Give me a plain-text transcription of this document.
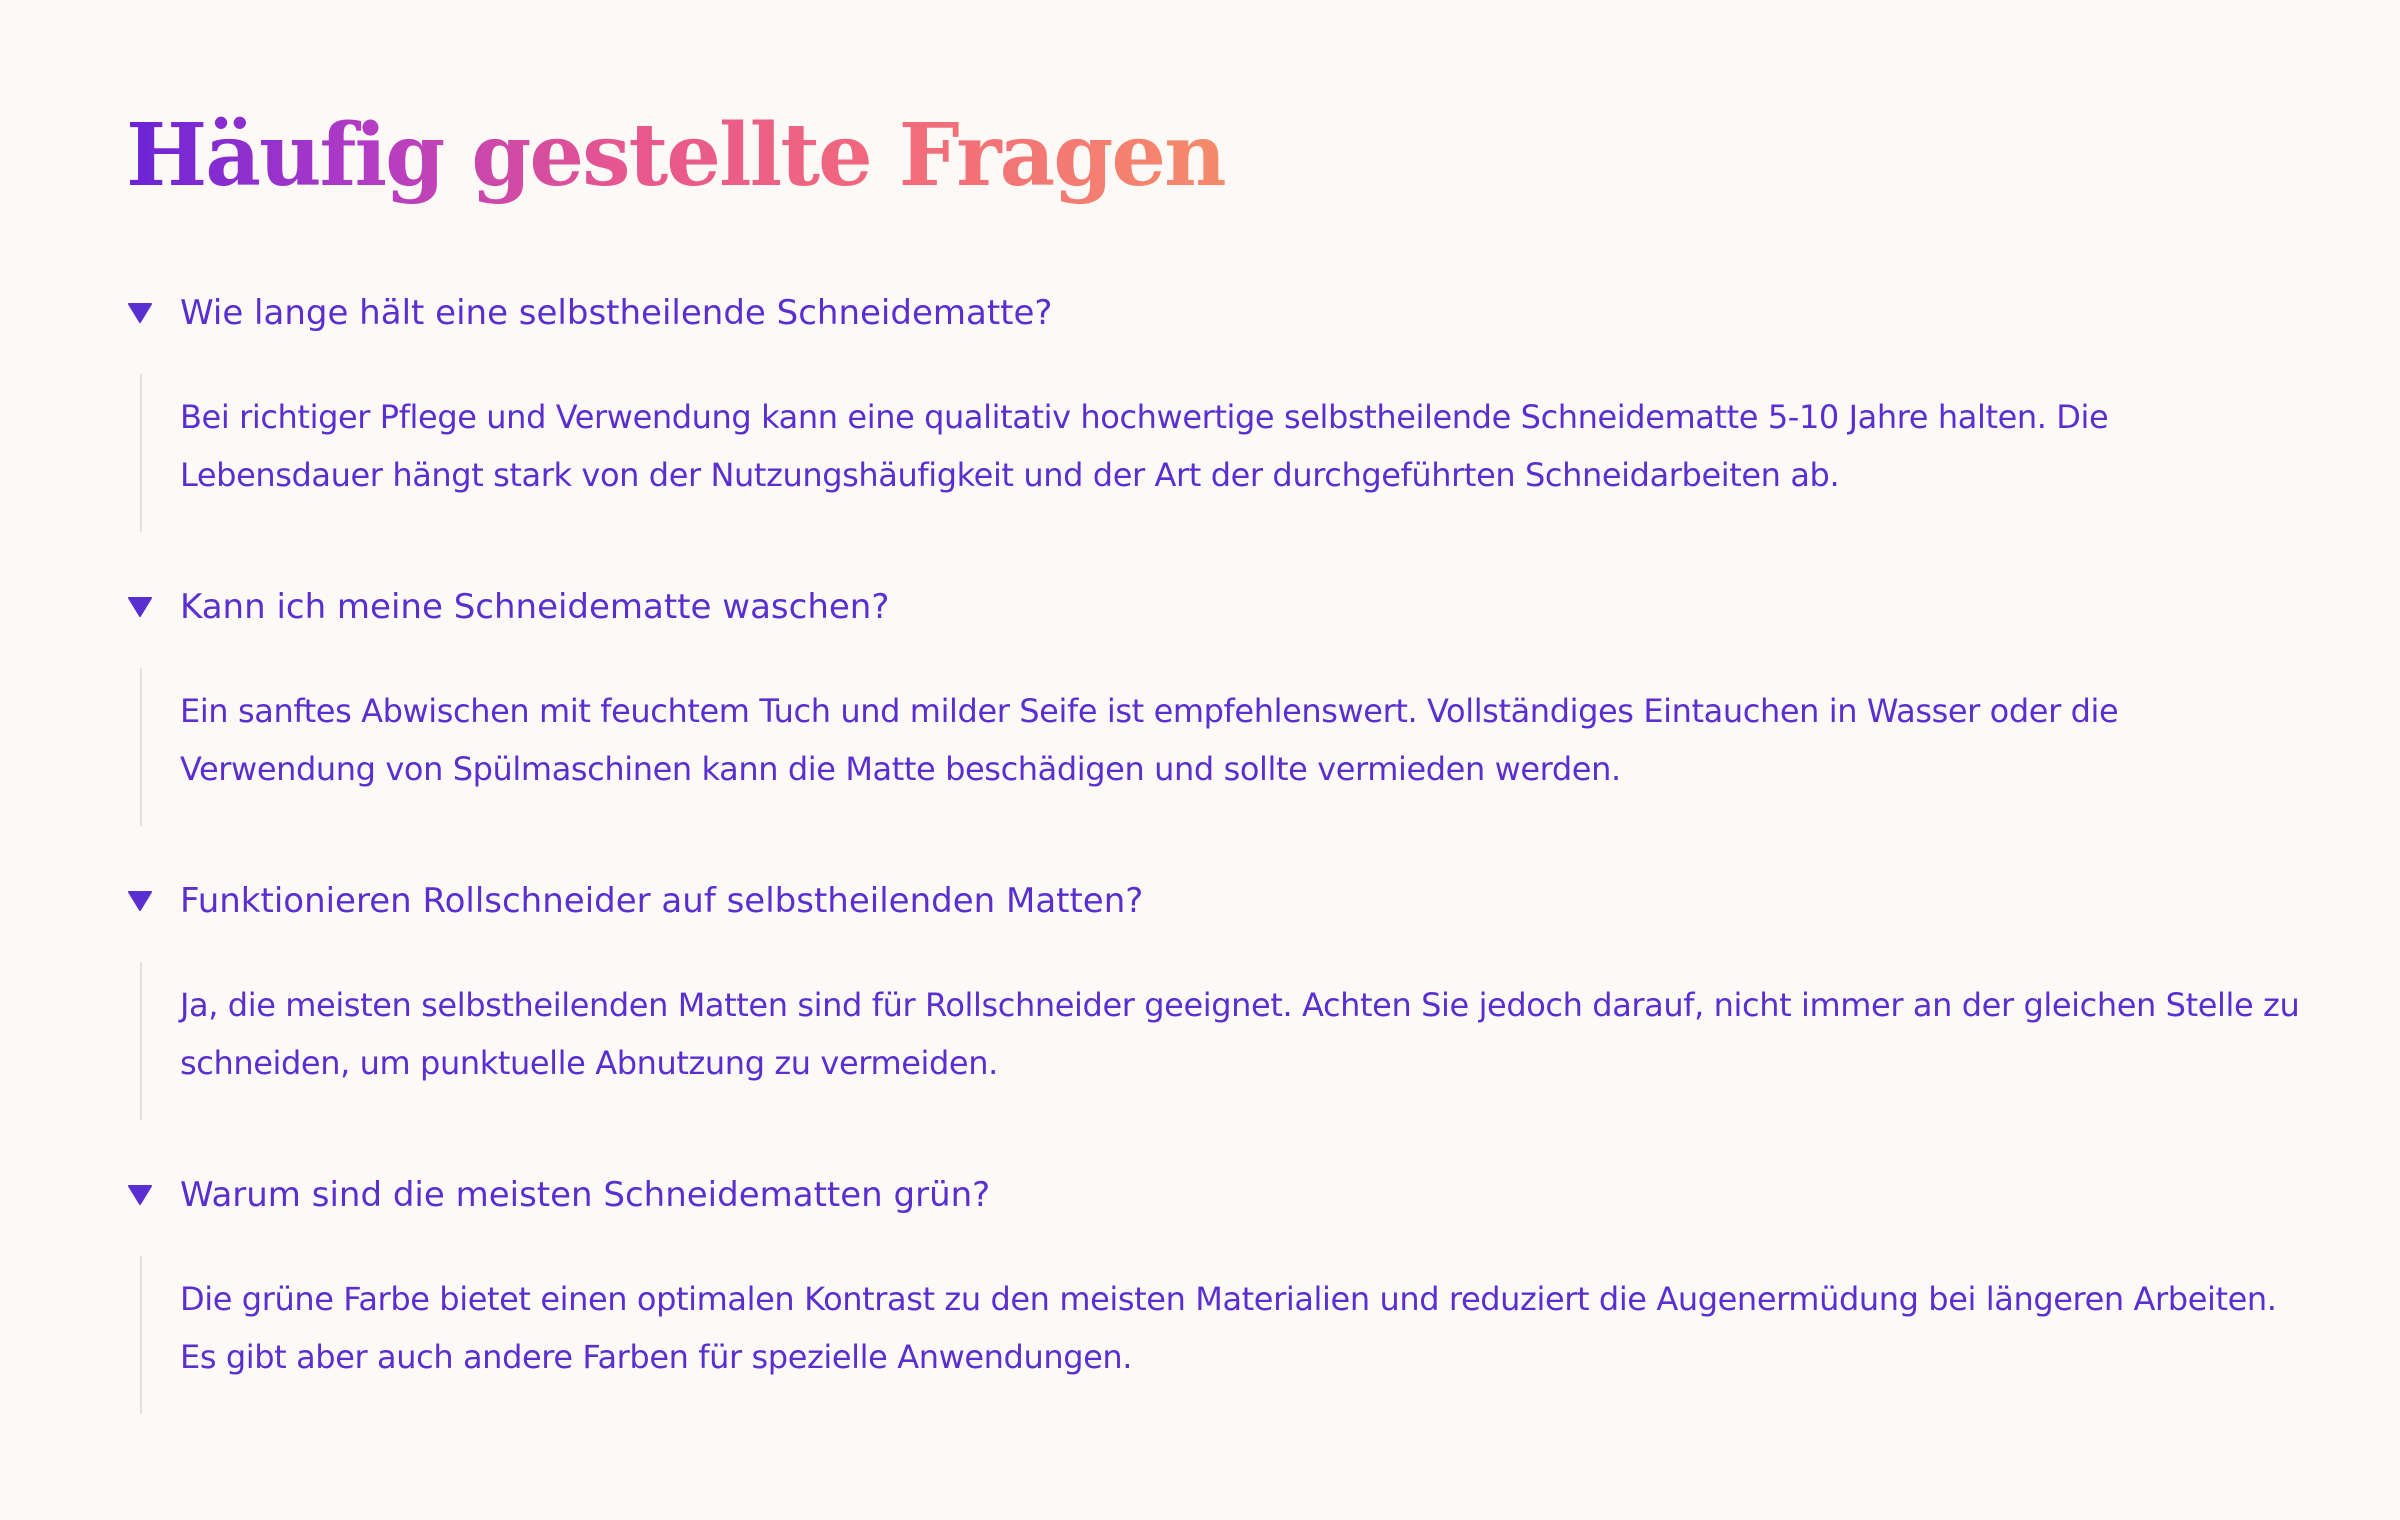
Häufig gestellte Fragen
Wie lange hält eine selbstheilende Schneidematte?

Bei richtiger Pflege und Verwendung kann eine qualitativ hochwertige selbstheilende Schneidematte 5-10 Jahre halten. Die Lebensdauer hängt stark von der Nutzungshäufigkeit und der Art der durchgeführten Schneidarbeiten ab.

Kann ich meine Schneidematte waschen?

Ein sanftes Abwischen mit feuchtem Tuch und milder Seife ist empfehlenswert. Vollständiges Eintauchen in Wasser oder die Verwendung von Spülmaschinen kann die Matte beschädigen und sollte vermieden werden.

Funktionieren Rollschneider auf selbstheilenden Matten?

Ja, die meisten selbstheilenden Matten sind für Rollschneider geeignet. Achten Sie jedoch darauf, nicht immer an der gleichen Stelle zu schneiden, um punktuelle Abnutzung zu vermeiden.

Warum sind die meisten Schneidematten grün?

Die grüne Farbe bietet einen optimalen Kontrast zu den meisten Materialien und reduziert die Augenermüdung bei längeren Arbeiten. Es gibt aber auch andere Farben für spezielle Anwendungen.
